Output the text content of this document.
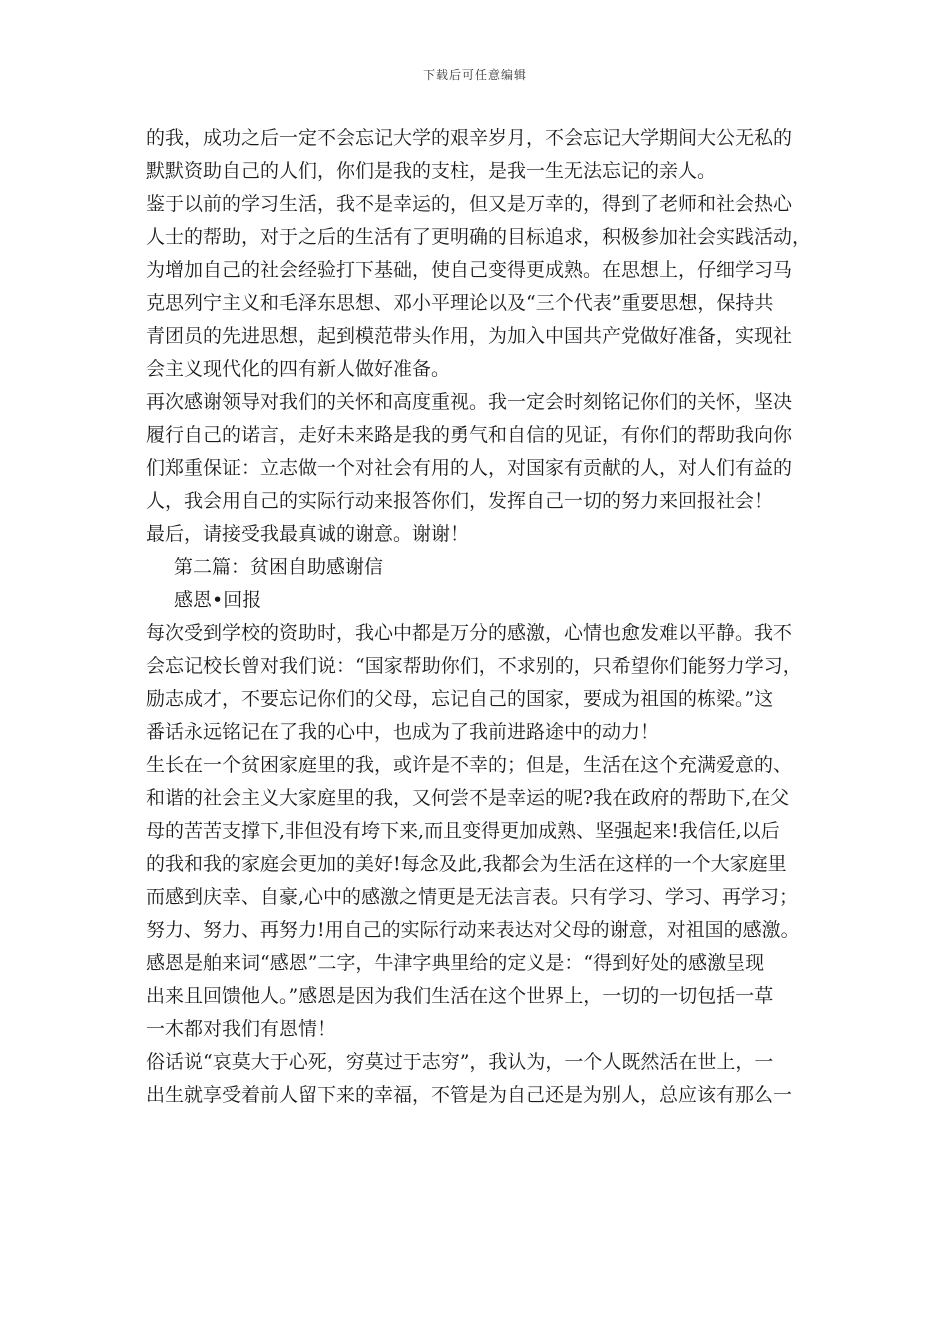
下载后可任意编辑
的我，成功之后一定不会忘记大学的艰辛岁月，不会忘记大学期间大公无私的
默默资助自己的人们，你们是我的支柱，是我一生无法忘记的亲人。
鉴于以前的学习生活，我不是幸运的，但又是万幸的，得到了老师和社会热心
人士的帮助，对于之后的生活有了更明确的目标追求，积极参加社会实践活动，
为增加自己的社会经验打下基础，使自己变得更成熟。在思想上，仔细学习马
克思列宁主义和毛泽东思想、邓小平理论以及“三个代表”重要思想，保持共
青团员的先进思想，起到模范带头作用，为加入中国共产党做好准备，实现社
会主义现代化的四有新人做好准备。
再次感谢领导对我们的关怀和高度重视。我一定会时刻铭记你们的关怀，坚决
履行自己的诺言，走好未来路是我的勇气和自信的见证，有你们的帮助我向你
们郑重保证：立志做一个对社会有用的人，对国家有贡献的人，对人们有益的
人，我会用自己的实际行动来报答你们，发挥自己一切的努力来回报社会！
最后，请接受我最真诚的谢意。谢谢！
第二篇：贫困自助感谢信
感恩•回报
每次受到学校的资助时，我心中都是万分的感激，心情也愈发难以平静。我不
会忘记校长曾对我们说：“国家帮助你们，不求别的，只希望你们能努力学习，
励志成才，不要忘记你们的父母，忘记自己的国家，要成为祖国的栋梁。”这
番话永远铭记在了我的心中，也成为了我前进路途中的动力！
生长在一个贫困家庭里的我，或许是不幸的；但是，生活在这个充满爱意的、
和谐的社会主义大家庭里的我，又何尝不是幸运的呢?我在政府的帮助下,在父
母的苦苦支撑下,非但没有垮下来,而且变得更加成熟、坚强起来!我信任,以后
的我和我的家庭会更加的美好!每念及此,我都会为生活在这样的一个大家庭里
而感到庆幸、自豪,心中的感激之情更是无法言表。只有学习、学习、再学习；
努力、努力、再努力!用自己的实际行动来表达对父母的谢意，对祖国的感激。
感恩是舶来词“感恩”二字，牛津字典里给的定义是：“得到好处的感激呈现
出来且回馈他人。”感恩是因为我们生活在这个世界上，一切的一切包括一草
一木都对我们有恩情！
俗话说“哀莫大于心死，穷莫过于志穷”，我认为，一个人既然活在世上，一
出生就享受着前人留下来的幸福，不管是为自己还是为别人，总应该有那么一
